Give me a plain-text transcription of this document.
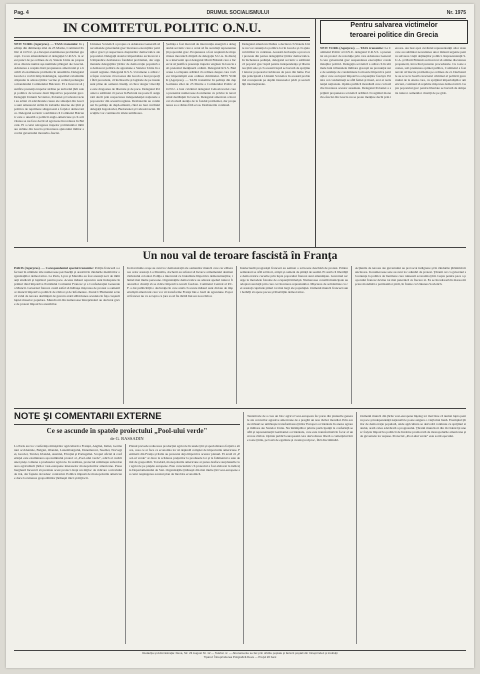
Pag. 4	DRUMUL SOCIALISMULUI	Nr. 1975
IN COMITETUL POLITIC O.N.U.
NEW YORK (Agerpres). — TASS transmite: In şedinţa din dimineaţa zilei de 23 Martie, Comitetul Politic al O.N.U. şi-a început examinarea problemei greceşti. Cu un amendament al delegaţiei U.R.S.S. la acest punct de pe ordinea de zi, Statele Unite au propus să se discute numai aşa numitele plângeri ale Greciei. Adunarea a respins însă propunerea americană şi a hotărît să examineze problema în ansamblu. Delegatul Greciei a vorbit timp îndelungat, repetând calomniile obişnuite la adresa ţărilor vecine şi cerând prelungirea mandatului Comitetului Balcanic. El a încercat să justifice prezenţa trupelor străine pe teritoriul ţării sale şi politica de teroare dusă împotriva poporului grec. Delegaţii Uniunii Sovietice, Poloniei şi Cehoslovaciei au arătat că adevăratele cauze ale situaţiei din Grecia sunt amestecul străin în treburile interne ale ţării şi politica de reprimare sângeroasă a forţelor democratice. Delegatul sovietic a subliniat că Comitetul Balcanic este o unealtă a politicii anglo-americane şi că activitatea sa nu face decât să agraveze încordarea în Balcani. El a cerut retragerea trupelor şi misiunilor militare străine din Grecia şi încetarea ajutorului militar acordat guvernului monarho-fascist.
Uniunea Sovietică a propus ca Adunarea Generală să recomande guvernului grec încetarea execuţiilor patrioţilor greci şi respectarea drepturilor democratice ale poporului. Delegaţii statelor imperialiste au încercat să împiedice dezbaterea fondului problemei, dar argumentele delegaţiilor ţărilor de democraţie populară au demascat politica de agresiune a Statelor Unite în această regiune. Delegatul R.S.S. Ucrainene a arătat cu fapte concrete că teroarea din Grecia a luat proporţii fără precedent, că închisorile şi lagărele de pe insule sunt pline de oameni cinstiţi, al căror singur vinovăţie este dragostea de libertate şi de pace. Delegatul Poloniei a subliniat că pacea în Balcani nu poate fi asigurată decât prin respectarea independenţei naţionale a popoarelor din această regiune. Dezbaterile au continuat în şedinţa de după-amiază, când au luat cuvântul delegaţii Iugoslaviei, Bielorusiei şi Cehoslovaciei. Discuţiile vor continua în zilele următoare.
Şedinţa a fost marcată de intervenţia energică a delegatului sovietic care a cerut să fie ascultaţi reprezentanţii poporului grec. Propunerea a fost respinsă de majoritatea mecanică dirijată de delegaţia S.U.A. In discuţie a intervenit apoi delegatul Marii Britanii care a încercat să justifice prezenţa trupelor engleze în Grecia sub pretextul menţinerii ordinii. Delegatul R.S.S. Bieloruse i-a răspuns arătând că ordinea despre care vorbesc imperialiştii este ordinea cimitirului. NEW YORK (Agerpres). — TASS transmite: In şedinţa din după-amiaza zilei de 23 Martie a Comitetului Politic al O.N.U. a luat cuvântul delegatul Cehoslovaciei care a prezentat numeroase documente cu privire la terorismul dezlănţuit în Grecia. Delegatul american a încercat să abată atenţia de la fondul problemei, dar propunerea sa a rămas fără ecou. Dezbaterile continuă.
Delegatul american Dulles a declarat că Statele Unite nu vor renunţa la politica lor în Grecia şi că ajutorul militar va continua. Această declaraţie a provocat proteste din partea delegaţiilor ţărilor democratice. In încheierea şedinţei, delegatul sovietic a subliniat că poporul grec luptă pentru independenţa şi libertatea ţării sale şi că această luptă se bucură de sprijinul tuturor popoarelor iubitoare de pace din lume. Poziţia principială a Uniunii Sovietice în această problemă corespunde pe deplin intereselor păcii şi securităţii internaţionale.
Pentru salvarea victimelor
teroarei politice din Grecia
NEW YORK (Agerpres). — TASS transmite: La Comitetul Politic al O.N.U. delegatul U.R.S.S. a prezentat un proiect de rezoluţie prin care Adunarea Generală cere guvernului grec suspendarea execuţiilor condamnaţilor politici. Delegaţia sovietică a arătat că în ultimele luni tribunalele militare greceşti au pronunţat sute de sentinţe de condamnare la moarte împotriva patrioţilor care au luptat împotriva ocupanţilor fascişti. Printre cei condamnaţi se află femei şi tineri, eroi ai rezistenţei naţionale. Opinia publică mondială cere cu hotărîre încetarea acestor asasinate. Delegatul Poloniei a sprijinit propunerea sovietică arătând că regimul monarho-fascist din Grecia nu se poate menţine decât prin teroare. Au luat apoi cuvântul reprezentanţii altor state care au subliniat necesitatea unor măsuri urgente pentru salvarea vieţii deţinuţilor politici. Reprezentanţii S.U.A. şi Marii Britanii au încercat să amâne discutarea propunerii, invocând pretexte procedurale. Cu toate acestea, sub presiunea opiniei publice, Comitetul a fost nevoit să înscrie problema pe ordinea de zi. Dezbaterile au scos la iveală caracterul criminal al politicii guvernului de la Atena care, cu sprijinul imperialiştilor americani, continuă să reprime mişcarea democratică. Lupta poporului grec pentru libertate se bucură de simpatia tuturor oamenilor cinstiţi de pe glob.
Un nou val de teroare fascistă în Franţa
PARIS (Agerpres). — Corespondentul special transmite: Poliţia franceză a efectuat în ultimele zile numeroase percheziţii şi arestări în rândurile membrilor organizaţiilor democratice. La Paris, Lyon şi Marsilia au fost arestaţi zeci de militanţi sindicali şi luptători pentru pace. Aceste măsuri represive sunt îndreptate în primul rând împotriva Partidului Comunist Francez şi a Confederaţiei Generale a Muncii. Guvernul francez caută astfel să înăbuşe mişcarea de protest a oamenilor muncii împotriva politicii de război şi de înfometare. Ziarul L'Humanité scrie că valul de teroare dezlănţuit de guvern arată slăbiciunea acestuia în faţa creşterii luptei maselor populare. Muncitorii din numeroase întreprinderi au declarat greve de protest împotriva arestărilor.
In mai multe oraşe au avut loc demonstraţii ale oamenilor muncii care cer eliberarea celor arestaţi. La Marsilia, docherii au refuzat să încarce armamentul destinat războiului colonial. Poliţia a intervenit cu brutalitate împotriva demonstranţilor, rănind mai multe persoane. Organizaţiile democratice au adresat apeluri tuturor francezilor cinstiţi să se ridice împotriva terorii fasciste. Comitetul Central al P.C.F. a dat publicităţii o declaraţie în care arată că aceste măsuri sunt dictate de imperialiştii americani care vor să transforme Franţa într-o bază de agresiune. Poporul francez nu va accepta ca ţara sa să fie târâtă într-un nou război.
Intelectualii progresişti francezi au semnat o scrisoare deschisă de protest. Printre semnatari se află scriitori, artişti şi oameni de ştiinţă de seamă. Ei arată că libertăţile democratice cucerite prin lupta poporului francez sunt ameninţate. Guvernul recurge la metodele folosite de ocupanţii hitlerişti. Numeroase consilii municipale au adoptat rezoluţii prin care cer încetarea represiunilor. Mişcarea de solidaritate cu cei arestaţi cuprinde pături tot mai largi ale populaţiei. Oamenii muncii francezi sunt hotărîţi să apere pacea şi libertăţile democratice.
Acţiunile de teroare ale guvernului au provocat indignare şi în rândurile ţărănimii muncitoare. In numeroase sate au avut loc adunări de protest. Ţăranii cer ca guvernul să renunţe la politica de înarmare care ruinează economia ţării. Lupta pentru pace a poporului francez devine tot mai puternică cu fiecare zi. Ea se încadrează în marea mişcare mondială a partizanilor păcii, în frunte cu Uniunea Sovietică.
NOTE ŞI COMENTARII EXTERNE
Ce se ascunde în spatele proiectului „Pool-ului verde"
de G. RASSADIN
La Paris are loc conferinţa miniştrilor agriculturii a Franţei, Angliei, Italiei, Germaniei occidentale, Belgiei, Olandei, Luxemburgului, Danemarcei, Suediei, Norvegiei, Greciei, Turciei, Irlandei, Austriei, Elveţiei şi Portugaliei. Scopul oficial al conferinţei este examinarea aşa numitului proiect al „Pool-ului verde", adică al creării unei pieţe comune a produselor agricole. In realitate, proiectul urmăreşte subordonarea agriculturii ţărilor vest-europene intereselor monopolurilor americane. Presa burgheză încearcă să prezinte acest proiect drept un mijloc de ridicare a nivelului de trai, dar faptele dovedesc contrariul. Politica impusă de monopolurile americane duce la ruinarea gospodăriilor ţărăneşti mici şi mijlocii.
Planul prevede reducerea producţiei agricole în unele ţări şi specializarea forţată a altora, ceea ce ar face ca economia lor să depindă complet de importurile americane. Fermierii din Franţa şi Italia au protestat deja împotriva acestor planuri. Ei arată că „Pool-ul verde" ar duce la scăderea preţurilor la produsele lor şi la falimentul a sute de mii de gospodării. Totodată, monopolurile americane ar putea desface surplusurile lor agricole pe pieţele europene. Este caracteristic că proiectul a fost elaborat la indicaţia Departamentului de Stat. Organizaţiile ţărăneşti din mai multe ţări vest-europene au cerut respingerea acestui plan de înrobire economică.
Tentativele de a crea un bloc agricol vest-european fac parte din planurile generale ale cercurilor agresive americane de a pregăti un nou război mondial. Prin aceste măsuri se urmăreşte transformarea ţărilor Europei occidentale în anexe agrare şi militare ale Statelor Unite. Nu întâmplător printre participanţii la conferinţă se află şi reprezentanţii Germaniei occidentale, care este transformată în focar al unui nou război. Opinia publică europeană cere dezvoltarea liberă a comerţului între toate ţările, pe bază de egalitate şi avantaj reciproc, fără discriminări.
Oamenii muncii din ţările vest-europene înţeleg tot mai bine că numai lupta pentru pace şi independenţă naţională le poate asigura o viaţă mai bună. Exemplul ţărilor de democraţie populară, unde agricultura se dezvoltă continuu cu sprijinul statului, arată calea adevărată a progresului. Ţăranii muncitori din Occident îşi unesc forţele împotriva politicii de înrobire promovată de monopolurile americane şi de guvernele lor supuse. Proiectul „Pool-ului verde" este sortit eşecului.
Redacţia şi Administraţia: Deva, Str. 23 August Nr. 12 — Telefon nr. — Abonamente se fac prin oficiile poştale şi factorii poştali din întreprinderi şi instituţii
Tiparul: Întreprinderea Poligrafică Deva — Preţul 20 bani
